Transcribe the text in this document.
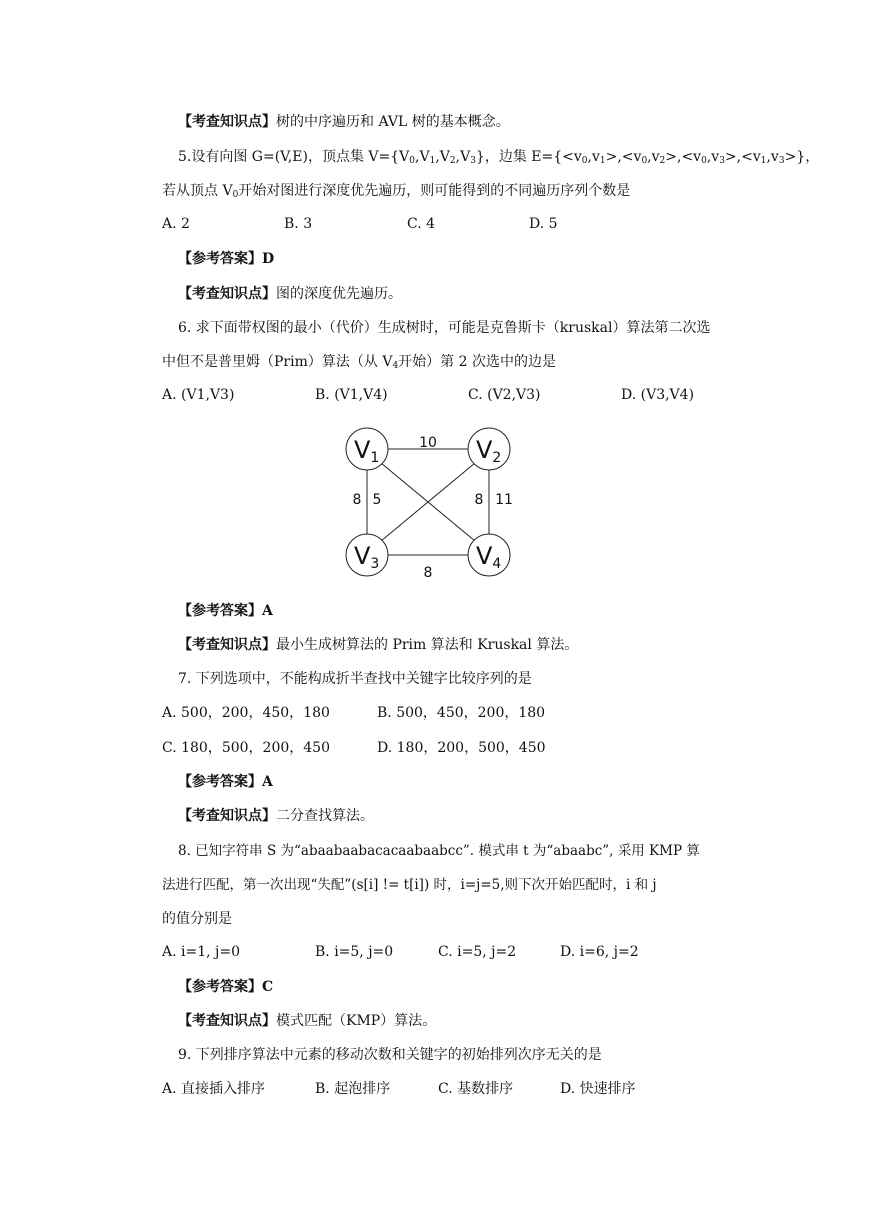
【考查知识点】树的中序遍历和 AVL 树的基本概念。
5.设有向图 G=(V,E)，顶点集 $V=\{V_0,V_1,V_2,V_3\}$，边集 $E=\{<v_0,v_1>,<v_0,v_2>,<v_0,v_3>,<v_1,v_3>\}$，
若从顶点 $V_0$开始对图进行深度优先遍历，则可能得到的不同遍历序列个数是
A. 2	B. 3	C. 4	D. 5
【参考答案】D
【考查知识点】图的深度优先遍历。
6. 求下面带权图的最小（代价）生成树时，可能是克鲁斯卡（kruskal）算法第二次选
中但不是普里姆（Prim）算法（从 $V_4$开始）第 2 次选中的边是
A. (V1,V3)	B. (V1,V4)	C. (V2,V3)	D. (V3,V4)
V1	V2
V3	V4
10
8 5	8 11
8
【参考答案】A
【考查知识点】最小生成树算法的 Prim 算法和 Kruskal 算法。
7. 下列选项中，不能构成折半查找中关键字比较序列的是
A. 500，200，450，180	B. 500，450，200，180
C. 180，500，200，450	D. 180，200，500，450
【参考答案】A
【考查知识点】二分查找算法。
8. 已知字符串 S 为“abaabaabacacaabaabcc”. 模式串 t 为“abaabc”, 采用 KMP 算
法进行匹配，第一次出现“失配”(s[i] != t[i]) 时，i=j=5,则下次开始匹配时，i 和 j
的值分别是
A. i=1, j=0	B. i=5, j=0	C. i=5, j=2	D. i=6, j=2
【参考答案】C
【考查知识点】模式匹配（KMP）算法。
9. 下列排序算法中元素的移动次数和关键字的初始排列次序无关的是
A. 直接插入排序	B. 起泡排序	C. 基数排序	D. 快速排序
